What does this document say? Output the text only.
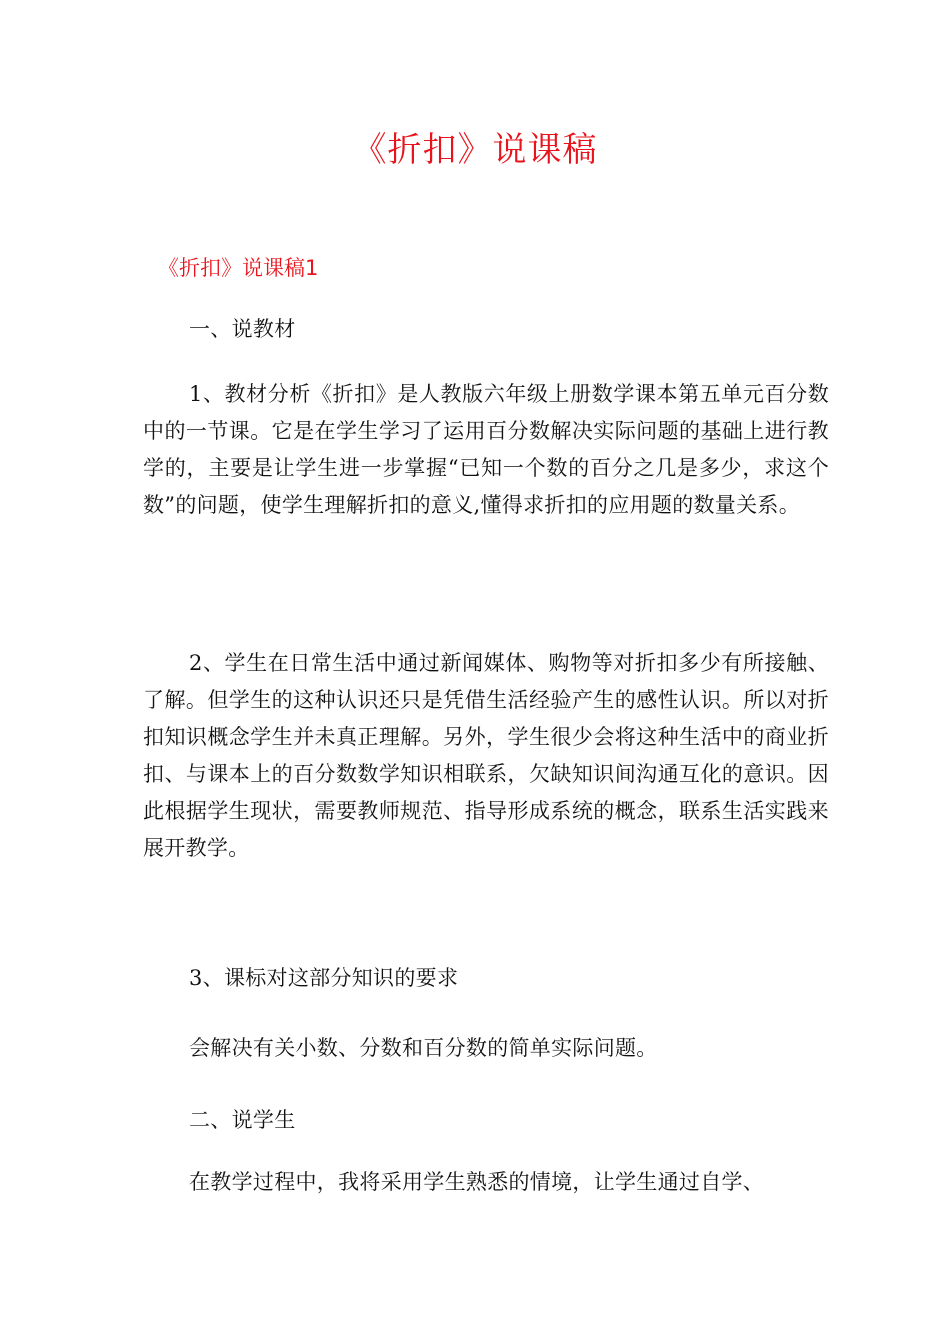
《折扣》说课稿
《折扣》说课稿1

一、说教材

1、教材分析《折扣》是人教版六年级上册数学课本第五单元百分数中的一节课。它是在学生学习了运用百分数解决实际问题的基础上进行教学的，主要是让学生进一步掌握“已知一个数的百分之几是多少，求这个数”的问题，使学生理解折扣的意义,懂得求折扣的应用题的数量关系。

2、学生在日常生活中通过新闻媒体、购物等对折扣多少有所接触、了解。但学生的这种认识还只是凭借生活经验产生的感性认识。所以对折扣知识概念学生并未真正理解。另外，学生很少会将这种生活中的商业折扣、与课本上的百分数数学知识相联系，欠缺知识间沟通互化的意识。因此根据学生现状，需要教师规范、指导形成系统的概念，联系生活实践来展开教学。

3、课标对这部分知识的要求

会解决有关小数、分数和百分数的简单实际问题。

二、说学生

在教学过程中，我将采用学生熟悉的情境，让学生通过自学、
